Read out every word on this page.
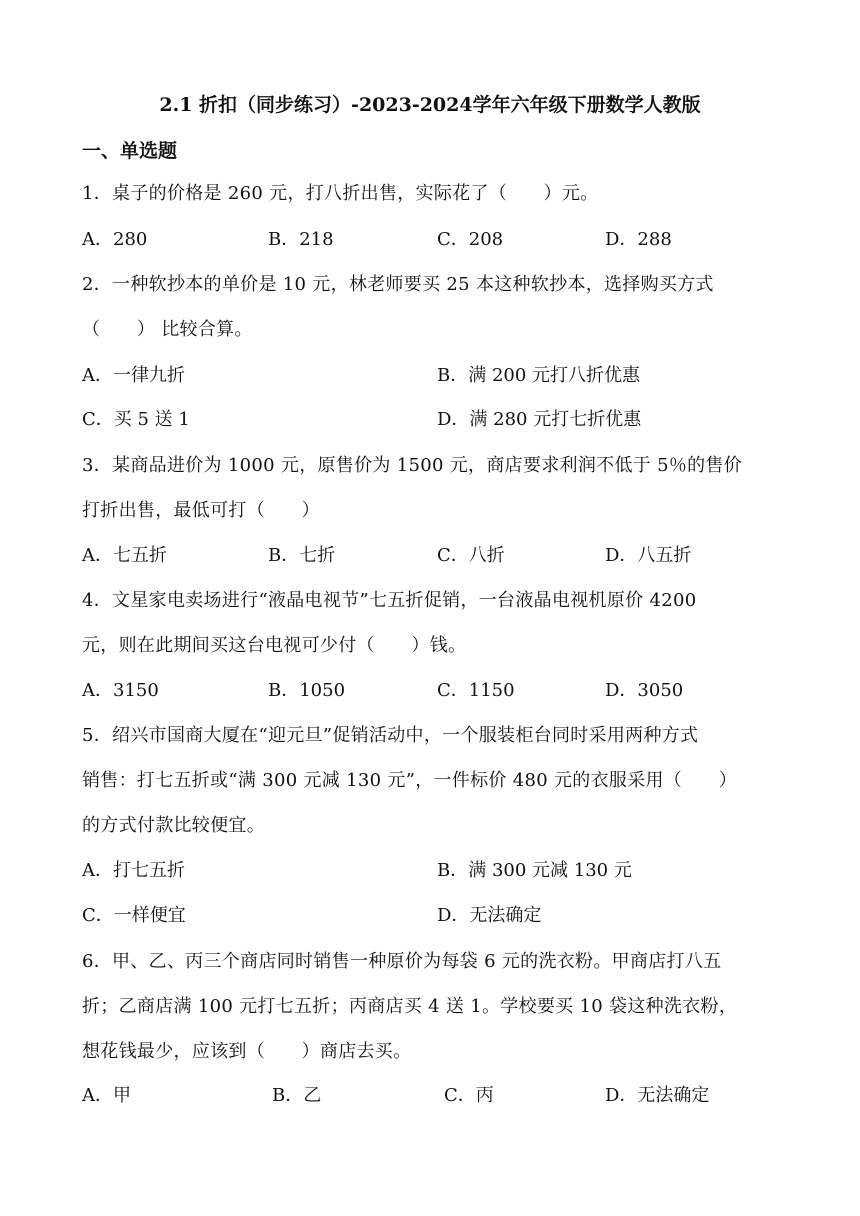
2.1 折扣（同步练习）-2023-2024学年六年级下册数学人教版
一、单选题
1．桌子的价格是 260 元，打八折出售，实际花了（　　）元。
A．280	B．218	C．208	D．288
2．一种软抄本的单价是 10 元，林老师要买 25 本这种软抄本，选择购买方式
（　　） 比较合算。
A．一律九折	B．满 200 元打八折优惠
C．买 5 送 1	D．满 280 元打七折优惠
3．某商品进价为 1000 元，原售价为 1500 元，商店要求利润不低于 5％的售价
打折出售，最低可打（　　）
A．七五折	B．七折	C．八折	D．八五折
4．文星家电卖场进行“液晶电视节”七五折促销，一台液晶电视机原价 4200
元，则在此期间买这台电视可少付（　　）钱。
A．3150	B．1050	C．1150	D．3050
5．绍兴市国商大厦在“迎元旦”促销活动中，一个服装柜台同时采用两种方式
销售：打七五折或“满 300 元减 130 元”，一件标价 480 元的衣服采用（　　）
的方式付款比较便宜。
A．打七五折	B．满 300 元减 130 元
C．一样便宜	D．无法确定
6．甲、乙、丙三个商店同时销售一种原价为每袋 6 元的洗衣粉。甲商店打八五
折；乙商店满 100 元打七五折；丙商店买 4 送 1。学校要买 10 袋这种洗衣粉，
想花钱最少，应该到（　　）商店去买。
A．甲	B．乙	C．丙	D．无法确定
